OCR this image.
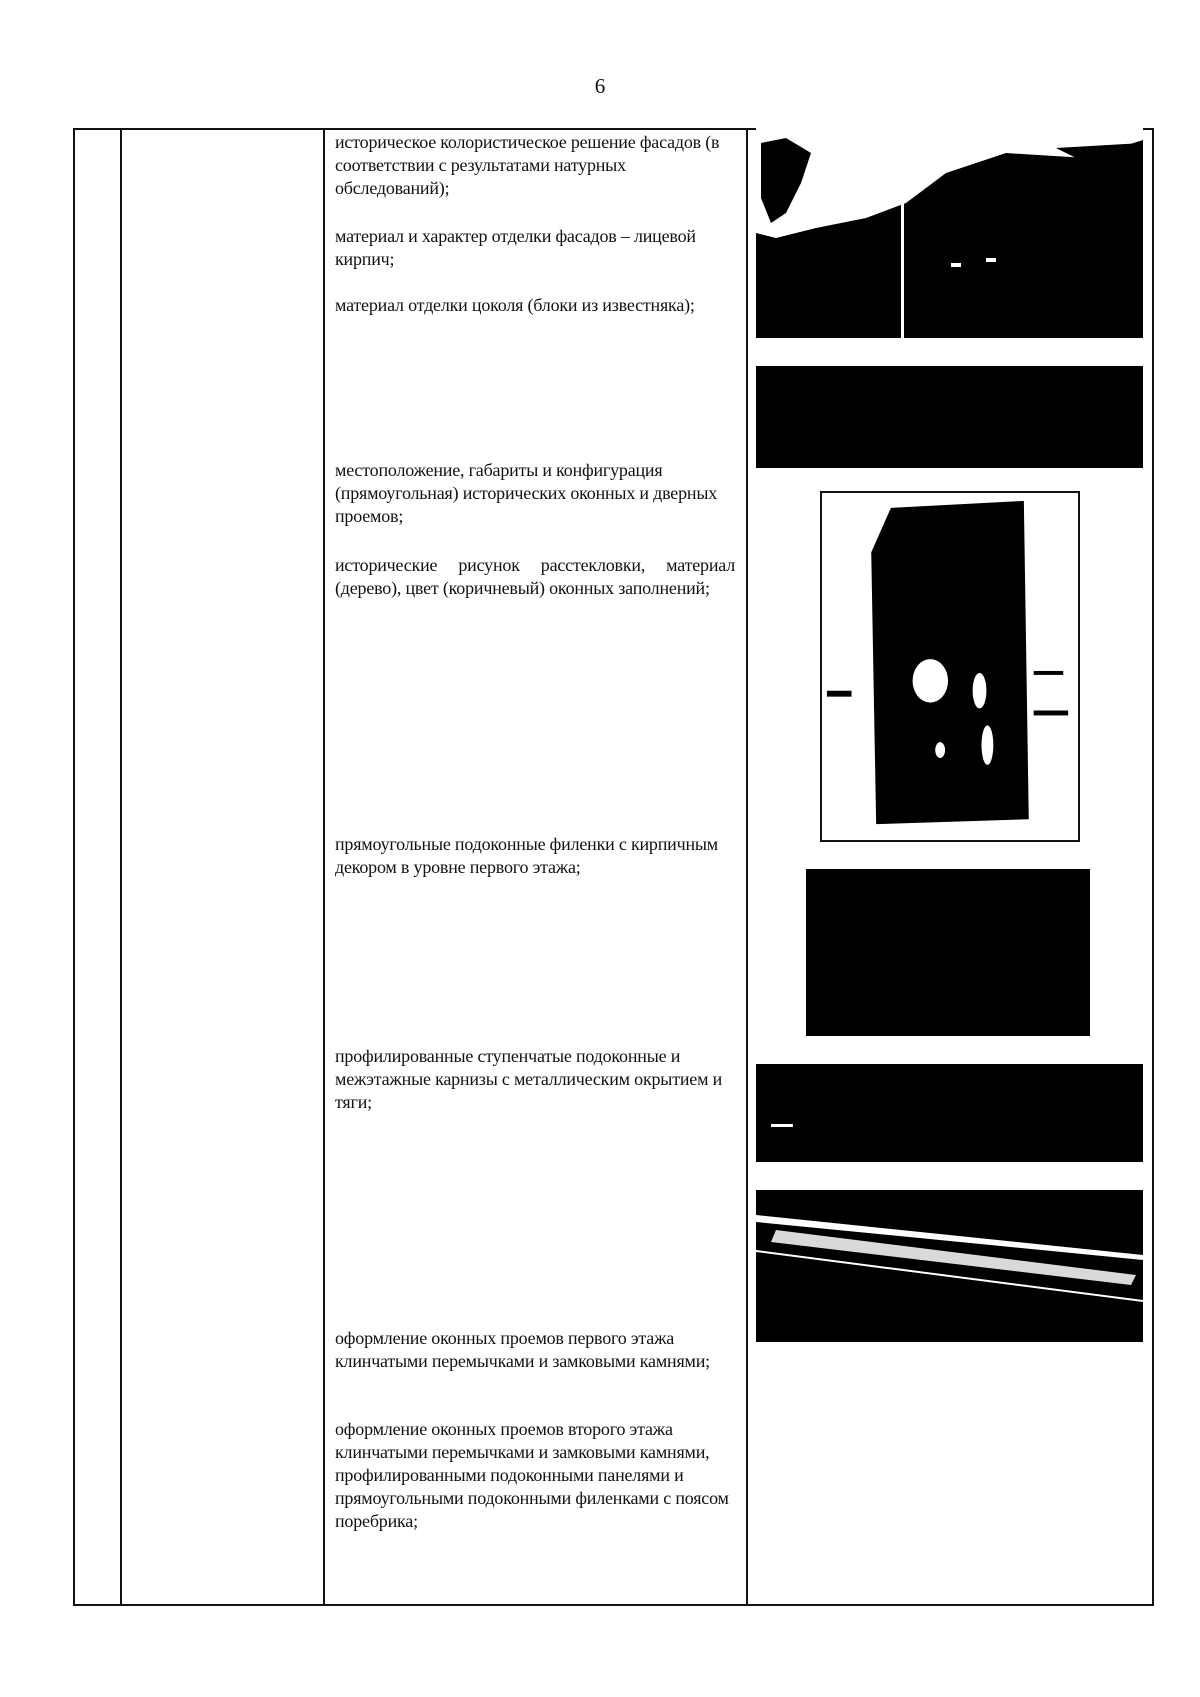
6
историческое колористическое решение фасадов (в соответствии с результатами натурных обследований);
материал и характер отделки фасадов – лицевой кирпич;
материал отделки цоколя (блоки из известняка);
местоположение, габариты и конфигурация (прямоугольная) исторических оконных и дверных проемов;
исторические рисунок расстекловки, материал (дерево), цвет (коричневый) оконных заполнений;
прямоугольные подоконные филенки с кирпичным декором в уровне первого этажа;
профилированные ступенчатые подоконные и межэтажные карнизы с металлическим окрытием и тяги;
оформление оконных проемов первого этажа клинчатыми перемычками и замковыми камнями;
оформление оконных проемов второго этажа клинчатыми перемычками и замковыми камнями, профилированными подоконными панелями и прямоугольными подоконными филенками с поясом поребрика;
